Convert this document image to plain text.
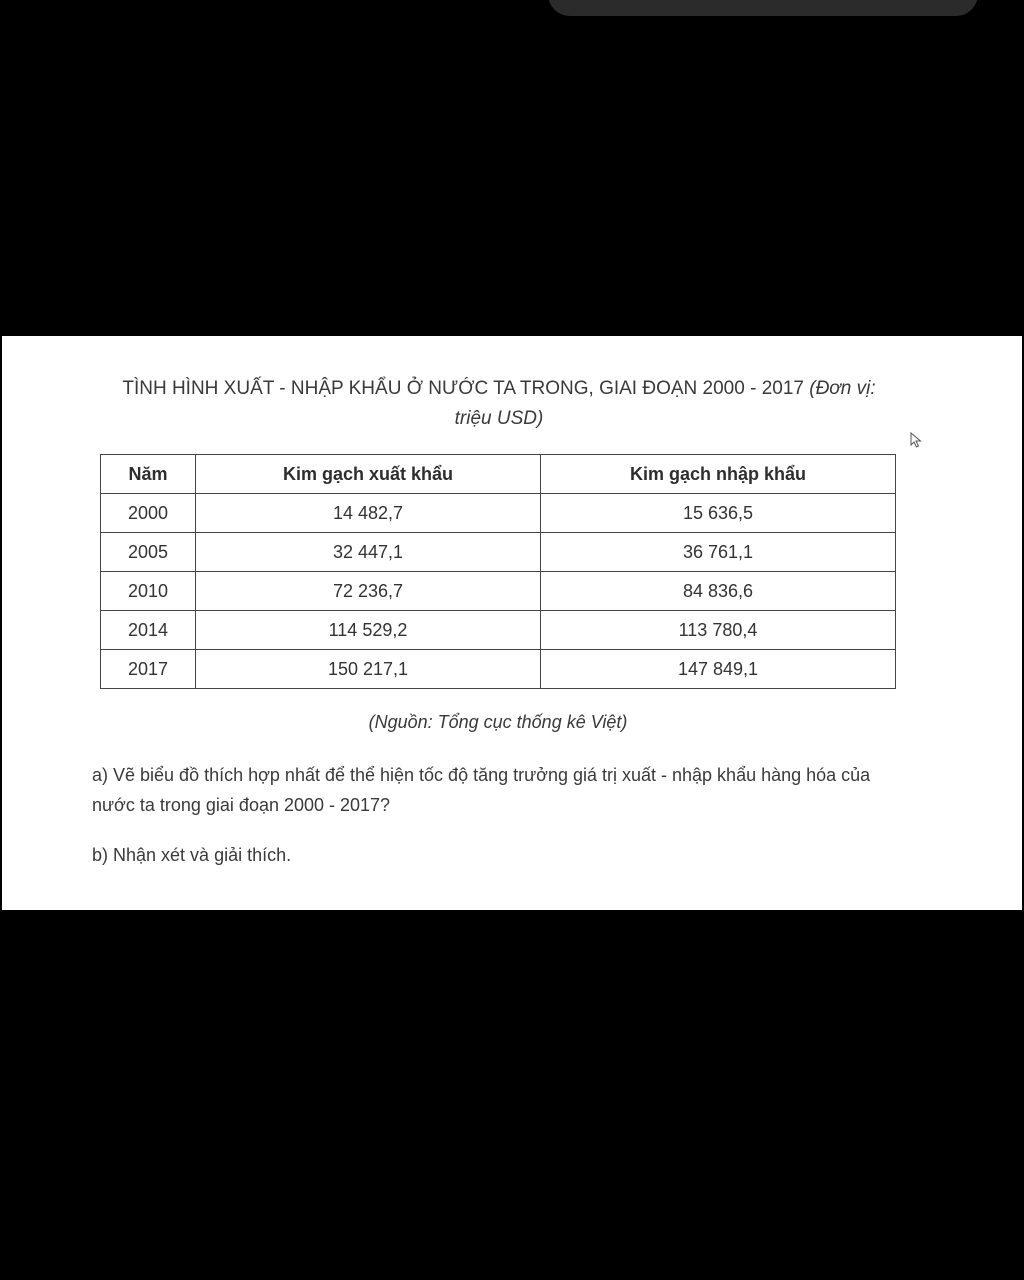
TÌNH HÌNH XUẤT - NHẬP KHẨU Ở NƯỚC TA TRONG, GIAI ĐOẠN 2000 - 2017 (Đơn vị: triệu USD)
Năm	Kim gạch xuất khẩu	Kim gạch nhập khẩu
2000	14 482,7	15 636,5
2005	32 447,1	36 761,1
2010	72 236,7	84 836,6
2014	114 529,2	113 780,4
2017	150 217,1	147 849,1
(Nguồn: Tổng cục thống kê Việt)
a) Vẽ biểu đồ thích hợp nhất để thể hiện tốc độ tăng trưởng giá trị xuất - nhập khẩu hàng hóa của nước ta trong giai đoạn 2000 - 2017?
b) Nhận xét và giải thích.
